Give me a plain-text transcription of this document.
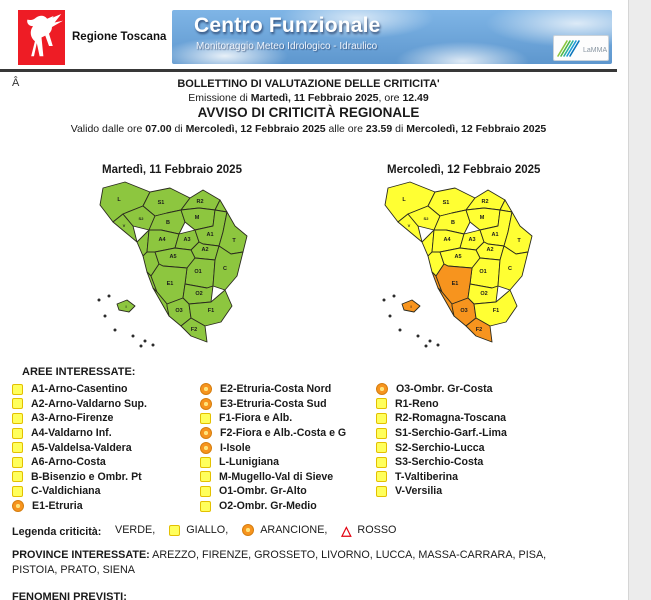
Regione Toscana Centro Funzionale
Monitoraggio Meteo Idrologico - Idraulico	LaMMA
Â	BOLLETTINO DI VALUTAZIONE DELLE CRITICITA'
Emissione di Martedì, 11 Febbraio 2025, ore 12.49
AVVISO DI CRITICITÀ REGIONALE
Valido dalle ore 07.00 di Mercoledì, 12 Febbraio 2025 alle ore 23.59 di Mercoledì, 12 Febbraio 2025
Martedì, 11 Febbraio 2025	Mercoledì, 12 Febbraio 2025
L	S1	R2
V
S2
B
M
A4	A3
A1
T
A2
A5
O1	C
E1
O2
O3	F1
F2
I
L	S1	R2
V
S2
B
M
A4	A3
A1
T
A2
A5
O1	C
E1
O2
O3	F1
F2
I
AREE INTERESSATE:
A1-Arno-Casentino
A2-Arno-Valdarno Sup.
A3-Arno-Firenze
A4-Valdarno Inf.
A5-Valdelsa-Valdera
A6-Arno-Costa
B-Bisenzio e Ombr. Pt
C-Valdichiana
E1-Etruria
E2-Etruria-Costa Nord
E3-Etruria-Costa Sud
F1-Fiora e Alb.
F2-Fiora e Alb.-Costa e G
I-Isole
L-Lunigiana
M-Mugello-Val di Sieve
O1-Ombr. Gr-Alto
O2-Ombr. Gr-Medio
O3-Ombr. Gr-Costa
R1-Reno
R2-Romagna-Toscana
S1-Serchio-Garf.-Lima
S2-Serchio-Lucca
S3-Serchio-Costa
T-Valtiberina
V-Versilia
Legenda criticità: VERDE,	GIALLO,	ARANCIONE, △ ROSSO
PROVINCE INTERESSATE: AREZZO, FIRENZE, GROSSETO, LIVORNO, LUCCA, MASSA-CARRARA, PISA, PISTOIA, PRATO, SIENA
FENOMENI PREVISTI:
